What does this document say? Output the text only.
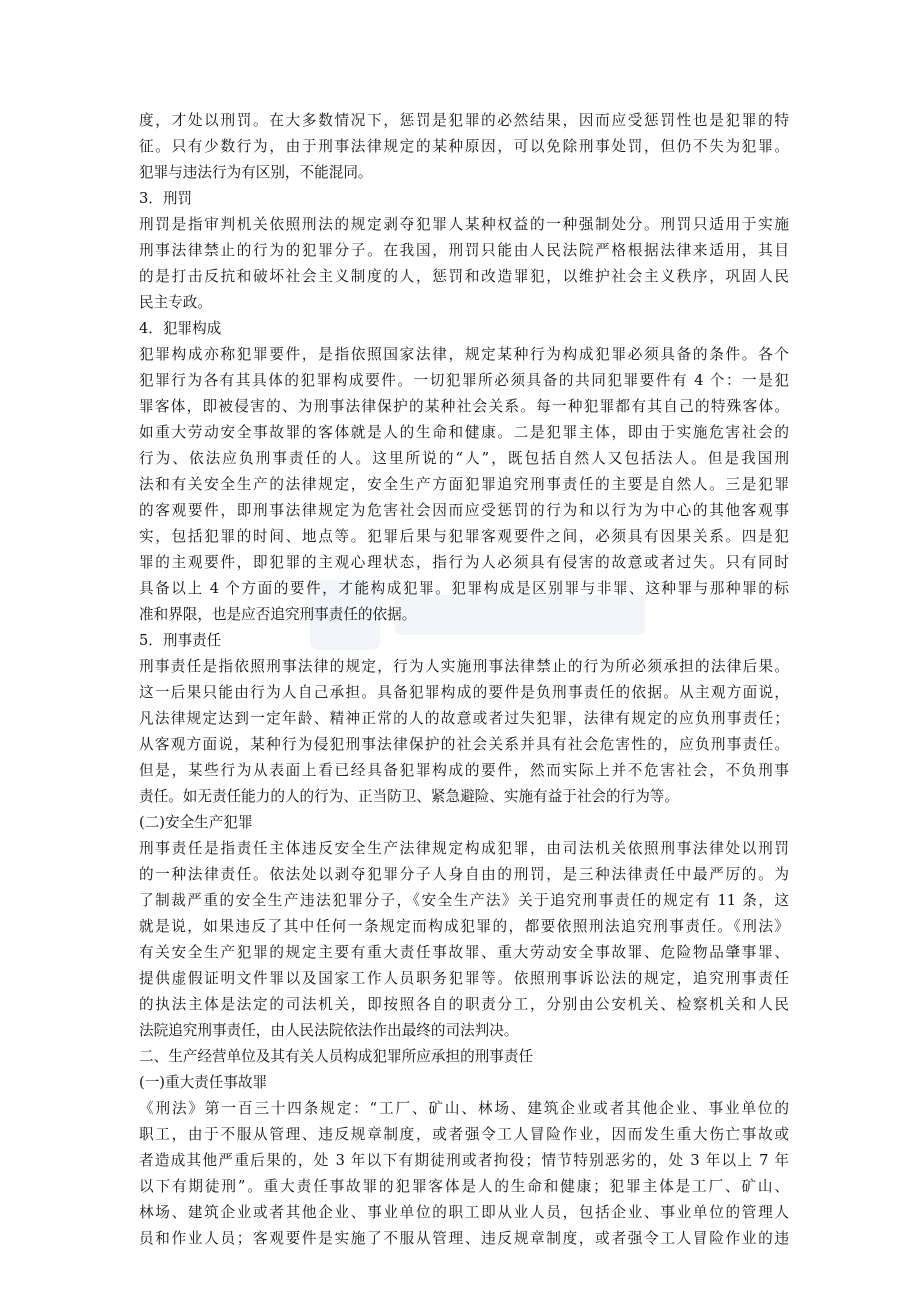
度，才处以刑罚。在大多数情况下，惩罚是犯罪的必然结果，因而应受惩罚性也是犯罪的特
征。只有少数行为，由于刑事法律规定的某种原因，可以免除刑事处罚，但仍不失为犯罪。
犯罪与违法行为有区别，不能混同。
3．刑罚
刑罚是指审判机关依照刑法的规定剥夺犯罪人某种权益的一种强制处分。刑罚只适用于实施
刑事法律禁止的行为的犯罪分子。在我国，刑罚只能由人民法院严格根据法律来适用，其目
的是打击反抗和破坏社会主义制度的人，惩罚和改造罪犯，以维护社会主义秩序，巩固人民
民主专政。
4．犯罪构成
犯罪构成亦称犯罪要件，是指依照国家法律，规定某种行为构成犯罪必须具备的条件。各个
犯罪行为各有其具体的犯罪构成要件。一切犯罪所必须具备的共同犯罪要件有 4 个：一是犯
罪客体，即被侵害的、为刑事法律保护的某种社会关系。每一种犯罪都有其自己的特殊客体。
如重大劳动安全事故罪的客体就是人的生命和健康。二是犯罪主体，即由于实施危害社会的
行为、依法应负刑事责任的人。这里所说的“人”，既包括自然人又包括法人。但是我国刑
法和有关安全生产的法律规定，安全生产方面犯罪追究刑事责任的主要是自然人。三是犯罪
的客观要件，即刑事法律规定为危害社会因而应受惩罚的行为和以行为为中心的其他客观事
实，包括犯罪的时间、地点等。犯罪后果与犯罪客观要件之间，必须具有因果关系。四是犯
罪的主观要件，即犯罪的主观心理状态，指行为人必须具有侵害的故意或者过失。只有同时
具备以上 4 个方面的要件，才能构成犯罪。犯罪构成是区别罪与非罪、这种罪与那种罪的标
准和界限，也是应否追究刑事责任的依据。
5．刑事责任
刑事责任是指依照刑事法律的规定，行为人实施刑事法律禁止的行为所必须承担的法律后果。
这一后果只能由行为人自己承担。具备犯罪构成的要件是负刑事责任的依据。从主观方面说，
凡法律规定达到一定年龄、精神正常的人的故意或者过失犯罪，法律有规定的应负刑事责任；
从客观方面说，某种行为侵犯刑事法律保护的社会关系并具有社会危害性的，应负刑事责任。
但是，某些行为从表面上看已经具备犯罪构成的要件，然而实际上并不危害社会，不负刑事
责任。如无责任能力的人的行为、正当防卫、紧急避险、实施有益于社会的行为等。
(二)安全生产犯罪
刑事责任是指责任主体违反安全生产法律规定构成犯罪，由司法机关依照刑事法律处以刑罚
的一种法律责任。依法处以剥夺犯罪分子人身自由的刑罚，是三种法律责任中最严厉的。为
了制裁严重的安全生产违法犯罪分子，《安全生产法》关于追究刑事责任的规定有 11 条，这
就是说，如果违反了其中任何一条规定而构成犯罪的，都要依照刑法追究刑事责任。《刑法》
有关安全生产犯罪的规定主要有重大责任事故罪、重大劳动安全事故罪、危险物品肇事罪、
提供虚假证明文件罪以及国家工作人员职务犯罪等。依照刑事诉讼法的规定，追究刑事责任
的执法主体是法定的司法机关，即按照各自的职责分工，分别由公安机关、检察机关和人民
法院追究刑事责任，由人民法院依法作出最终的司法判决。
二、生产经营单位及其有关人员构成犯罪所应承担的刑事责任
(一)重大责任事故罪
《刑法》第一百三十四条规定：“工厂、矿山、林场、建筑企业或者其他企业、事业单位的
职工，由于不服从管理、违反规章制度，或者强令工人冒险作业，因而发生重大伤亡事故或
者造成其他严重后果的，处 3 年以下有期徒刑或者拘役；情节特别恶劣的，处 3 年以上 7 年
以下有期徒刑”。重大责任事故罪的犯罪客体是人的生命和健康；犯罪主体是工厂、矿山、
林场、建筑企业或者其他企业、事业单位的职工即从业人员，包括企业、事业单位的管理人
员和作业人员；客观要件是实施了不服从管理、违反规章制度，或者强令工人冒险作业的违
